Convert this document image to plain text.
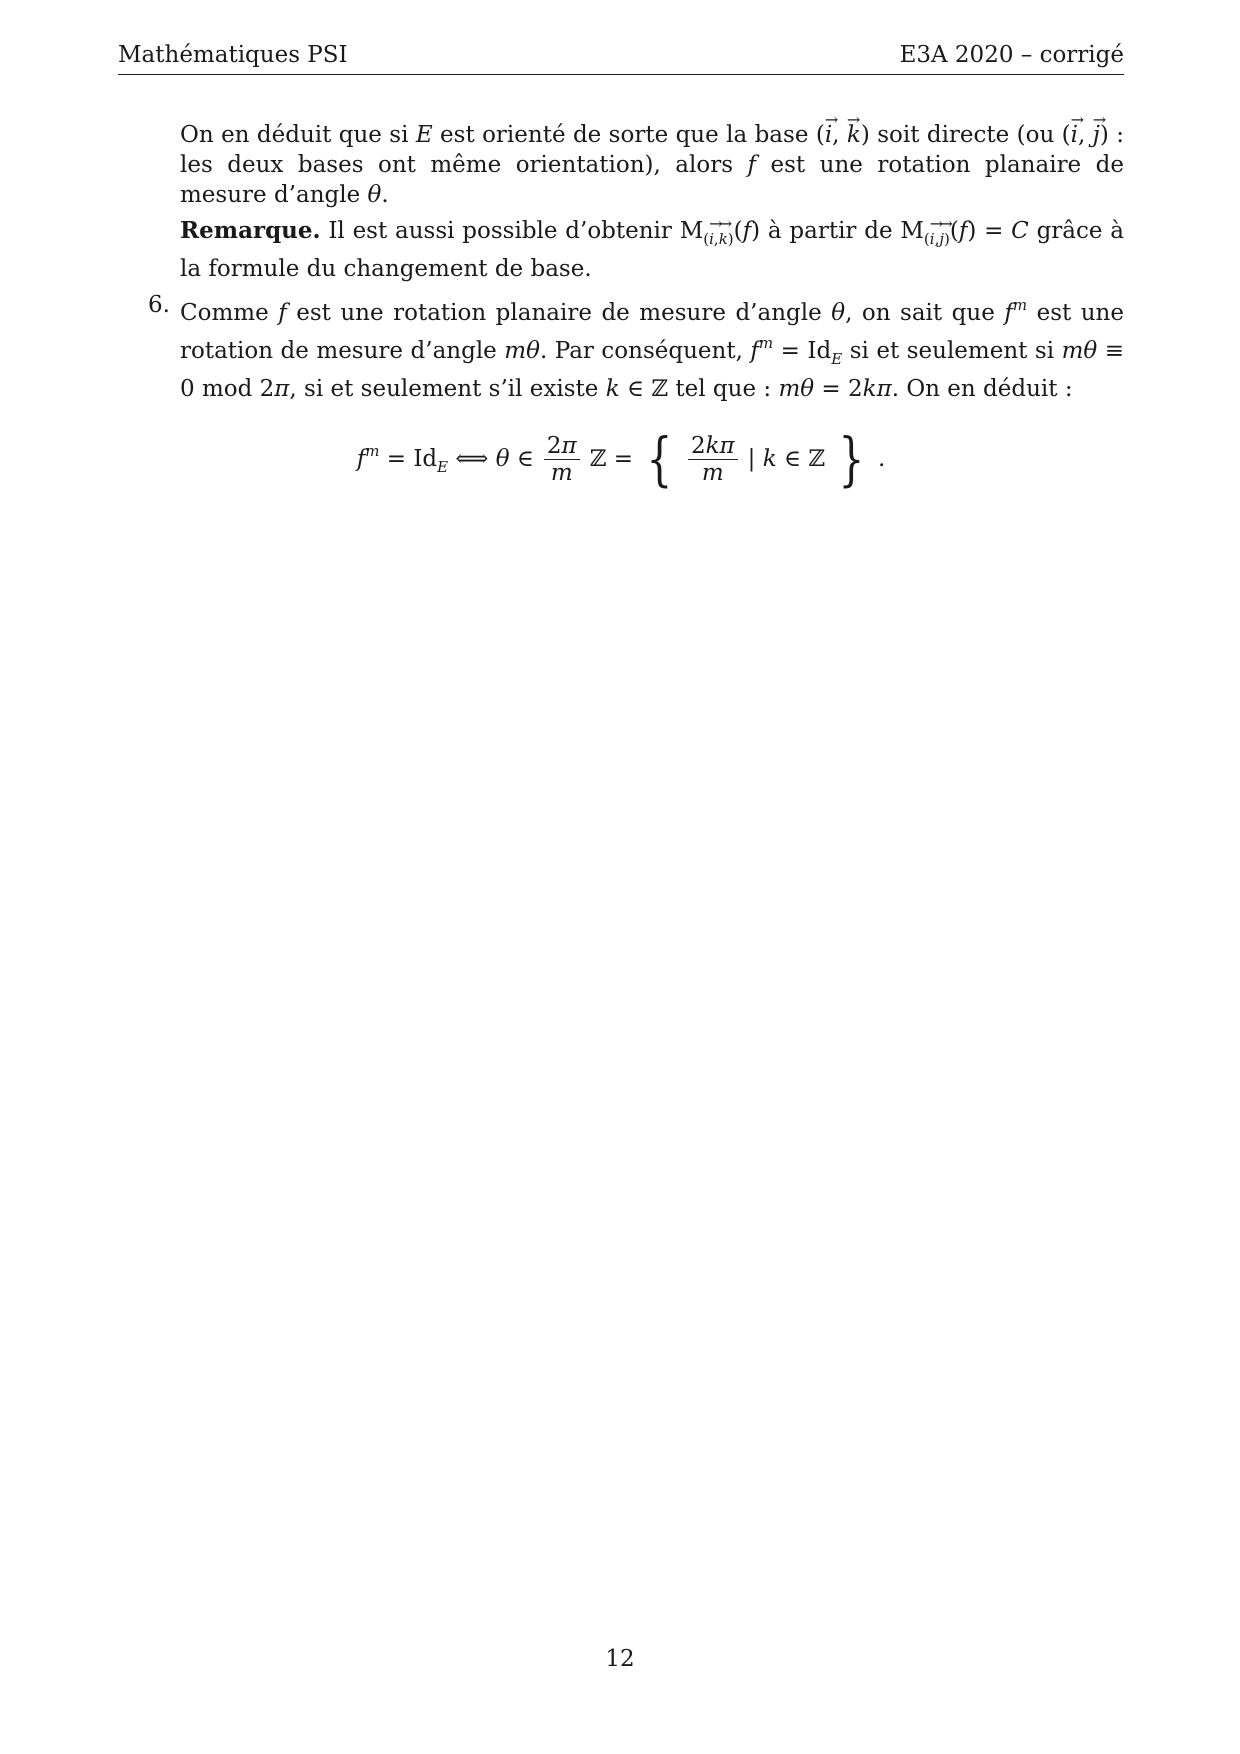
Mathématiques PSI	E3A 2020 – corrigé

On en déduit que si E est orienté de sorte que la base (→ i, → k) soit directe (ou (→ i, → j) : les deux bases ont même orientation), alors f est une rotation planaire de mesure d’angle θ.

Remarque. Il est aussi possible d’obtenir $M_{(\to i,\to k)}(f)$ à partir de $M_{(\to i,\to j)}(f) = C$ grâce à la formule du changement de base.

6. Comme f est une rotation planaire de mesure d’angle θ, on sait que $f^m$ est une rotation de mesure d’angle mθ. Par conséquent, $f^m = Id_E$ si et seulement si mθ ≡ 0 mod 2π, si et seulement s’il existe k ∈ ℤ tel que : mθ = 2kπ. On en déduit :

$f^m = Id_E$ ⟺ θ ∈ $\frac{2\pi}{m}$ ℤ = { $\frac{2k\pi}{m}$ | k ∈ ℤ } .
12
